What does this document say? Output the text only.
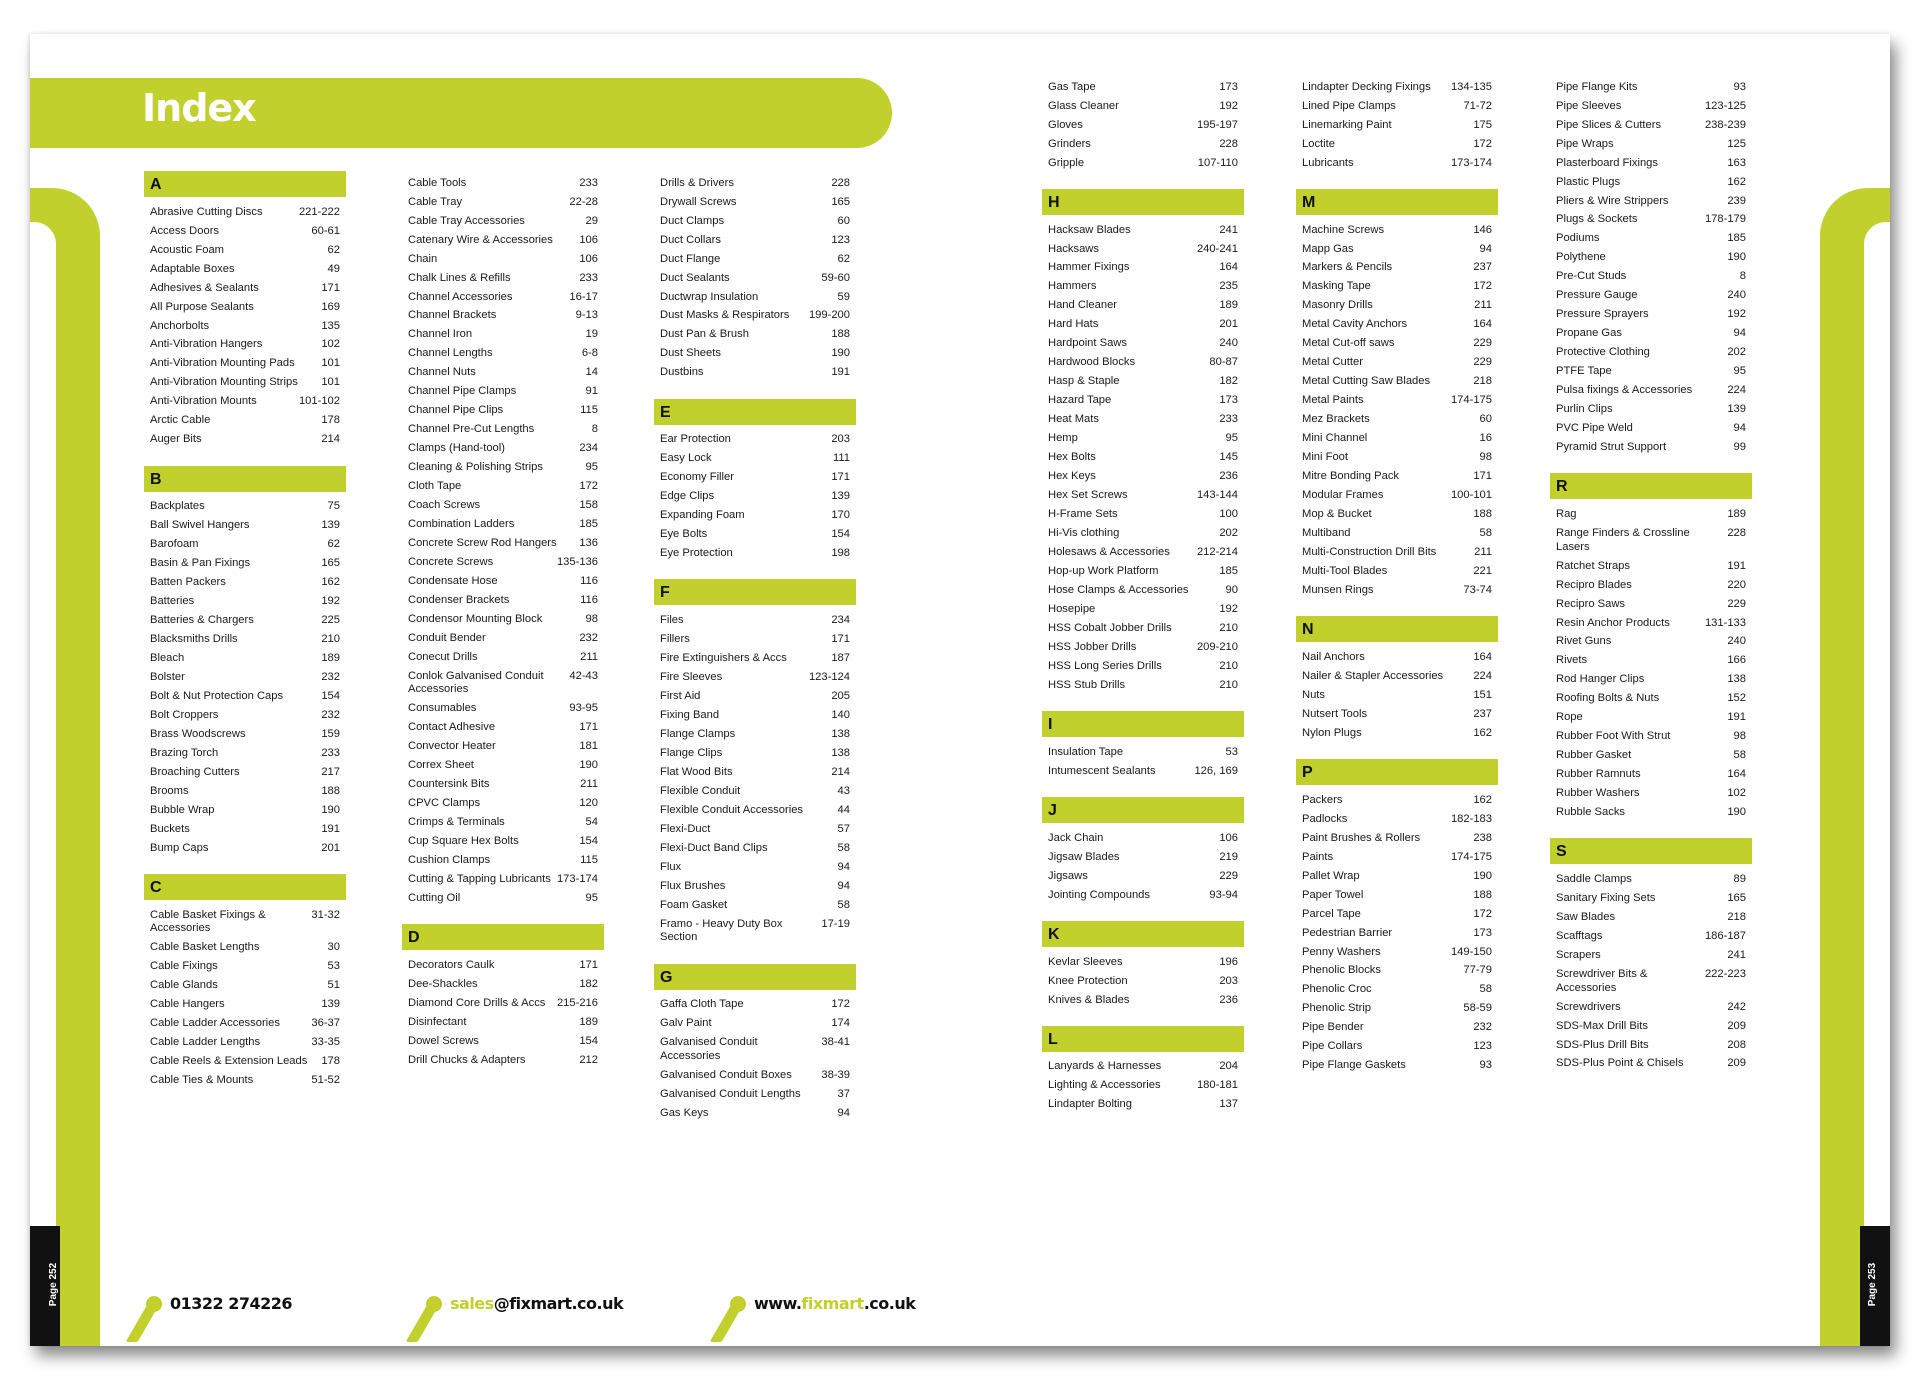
Page 252	Page 253
Index
A
Abrasive Cutting Discs	221-222
Access Doors	60-61
Acoustic Foam	62
Adaptable Boxes	49
Adhesives & Sealants	171
All Purpose Sealants	169
Anchorbolts	135
Anti-Vibration Hangers	102
Anti-Vibration Mounting Pads	101
Anti-Vibration Mounting Strips	101
Anti-Vibration Mounts	101-102
Arctic Cable	178
Auger Bits	214
B
Backplates	75
Ball Swivel Hangers	139
Barofoam	62
Basin & Pan Fixings	165
Batten Packers	162
Batteries	192
Batteries & Chargers	225
Blacksmiths Drills	210
Bleach	189
Bolster	232
Bolt & Nut Protection Caps	154
Bolt Croppers	232
Brass Woodscrews	159
Brazing Torch	233
Broaching Cutters	217
Brooms	188
Bubble Wrap	190
Buckets	191
Bump Caps	201
C
Cable Basket Fixings & Accessories
31-32
Cable Basket Lengths	30
Cable Fixings	53
Cable Glands	51
Cable Hangers	139
Cable Ladder Accessories	36-37
Cable Ladder Lengths	33-35
Cable Reels & Extension Leads	178
Cable Ties & Mounts	51-52
Cable Tools	233
Cable Tray	22-28
Cable Tray Accessories	29
Catenary Wire & Accessories	106
Chain	106
Chalk Lines & Refills	233
Channel Accessories	16-17
Channel Brackets	9-13
Channel Iron	19
Channel Lengths	6-8
Channel Nuts	14
Channel Pipe Clamps	91
Channel Pipe Clips	115
Channel Pre-Cut Lengths	8
Clamps (Hand-tool)	234
Cleaning & Polishing Strips	95
Cloth Tape	172
Coach Screws	158
Combination Ladders	185
Concrete Screw Rod Hangers	136
Concrete Screws	135-136
Condensate Hose	116
Condenser Brackets	116
Condensor Mounting Block	98
Conduit Bender	232
Conecut Drills	211
Conlok Galvanised Conduit Accessories
42-43
Consumables	93-95
Contact Adhesive	171
Convector Heater	181
Correx Sheet	190
Countersink Bits	211
CPVC Clamps	120
Crimps & Terminals	54
Cup Square Hex Bolts	154
Cushion Clamps	115
Cutting & Tapping Lubricants 173-174
Cutting Oil	95
D
Decorators Caulk	171
Dee-Shackles	182
Diamond Core Drills & Accs	215-216
Disinfectant	189
Dowel Screws	154
Drill Chucks & Adapters	212
Drills & Drivers	228
Drywall Screws	165
Duct Clamps	60
Duct Collars	123
Duct Flange	62
Duct Sealants	59-60
Ductwrap Insulation	59
Dust Masks & Respirators	199-200
Dust Pan & Brush	188
Dust Sheets	190
Dustbins	191
E
Ear Protection	203
Easy Lock	111
Economy Filler	171
Edge Clips	139
Expanding Foam	170
Eye Bolts	154
Eye Protection	198
F
Files	234
Fillers	171
Fire Extinguishers & Accs	187
Fire Sleeves	123-124
First Aid	205
Fixing Band	140
Flange Clamps	138
Flange Clips	138
Flat Wood Bits	214
Flexible Conduit	43
Flexible Conduit Accessories	44
Flexi-Duct	57
Flexi-Duct Band Clips	58
Flux	94
Flux Brushes	94
Foam Gasket	58
Framo - Heavy Duty Box Section
17-19
G
Gaffa Cloth Tape	172
Galv Paint	174
Galvanised Conduit Accessories
38-41
Galvanised Conduit Boxes	38-39
Galvanised Conduit Lengths	37
Gas Keys	94
Gas Tape	173
Glass Cleaner	192
Gloves	195-197
Grinders	228
Gripple	107-110
H
Hacksaw Blades	241
Hacksaws	240-241
Hammer Fixings	164
Hammers	235
Hand Cleaner	189
Hard Hats	201
Hardpoint Saws	240
Hardwood Blocks	80-87
Hasp & Staple	182
Hazard Tape	173
Heat Mats	233
Hemp	95
Hex Bolts	145
Hex Keys	236
Hex Set Screws	143-144
H-Frame Sets	100
Hi-Vis clothing	202
Holesaws & Accessories	212-214
Hop-up Work Platform	185
Hose Clamps & Accessories	90
Hosepipe	192
HSS Cobalt Jobber Drills	210
HSS Jobber Drills	209-210
HSS Long Series Drills	210
HSS Stub Drills	210
I
Insulation Tape	53
Intumescent Sealants	126, 169
J
Jack Chain	106
Jigsaw Blades	219
Jigsaws	229
Jointing Compounds	93-94
K
Kevlar Sleeves	196
Knee Protection	203
Knives & Blades	236
L
Lanyards & Harnesses	204
Lighting & Accessories	180-181
Lindapter Bolting	137
Lindapter Decking Fixings	134-135
Lined Pipe Clamps	71-72
Linemarking Paint	175
Loctite	172
Lubricants	173-174
M
Machine Screws	146
Mapp Gas	94
Markers & Pencils	237
Masking Tape	172
Masonry Drills	211
Metal Cavity Anchors	164
Metal Cut-off saws	229
Metal Cutter	229
Metal Cutting Saw Blades	218
Metal Paints	174-175
Mez Brackets	60
Mini Channel	16
Mini Foot	98
Mitre Bonding Pack	171
Modular Frames	100-101
Mop & Bucket	188
Multiband	58
Multi-Construction Drill Bits	211
Multi-Tool Blades	221
Munsen Rings	73-74
N
Nail Anchors	164
Nailer & Stapler Accessories	224
Nuts	151
Nutsert Tools	237
Nylon Plugs	162
P
Packers	162
Padlocks	182-183
Paint Brushes & Rollers	238
Paints	174-175
Pallet Wrap	190
Paper Towel	188
Parcel Tape	172
Pedestrian Barrier	173
Penny Washers	149-150
Phenolic Blocks	77-79
Phenolic Croc	58
Phenolic Strip	58-59
Pipe Bender	232
Pipe Collars	123
Pipe Flange Gaskets	93
Pipe Flange Kits	93
Pipe Sleeves	123-125
Pipe Slices & Cutters	238-239
Pipe Wraps	125
Plasterboard Fixings	163
Plastic Plugs	162
Pliers & Wire Strippers	239
Plugs & Sockets	178-179
Podiums	185
Polythene	190
Pre-Cut Studs	8
Pressure Gauge	240
Pressure Sprayers	192
Propane Gas	94
Protective Clothing	202
PTFE Tape	95
Pulsa fixings & Accessories	224
Purlin Clips	139
PVC Pipe Weld	94
Pyramid Strut Support	99
R
Rag	189
Range Finders & Crossline Lasers
228
Ratchet Straps	191
Recipro Blades	220
Recipro Saws	229
Resin Anchor Products	131-133
Rivet Guns	240
Rivets	166
Rod Hanger Clips	138
Roofing Bolts & Nuts	152
Rope	191
Rubber Foot With Strut	98
Rubber Gasket	58
Rubber Ramnuts	164
Rubber Washers	102
Rubble Sacks	190
S
Saddle Clamps	89
Sanitary Fixing Sets	165
Saw Blades	218
Scafftags	186-187
Scrapers	241
Screwdriver Bits & Accessories
222-223
Screwdrivers	242
SDS-Max Drill Bits	209
SDS-Plus Drill Bits	208
SDS-Plus Point & Chisels	209
01322 274226	sales@fixmart.co.uk	www.fixmart.co.uk
